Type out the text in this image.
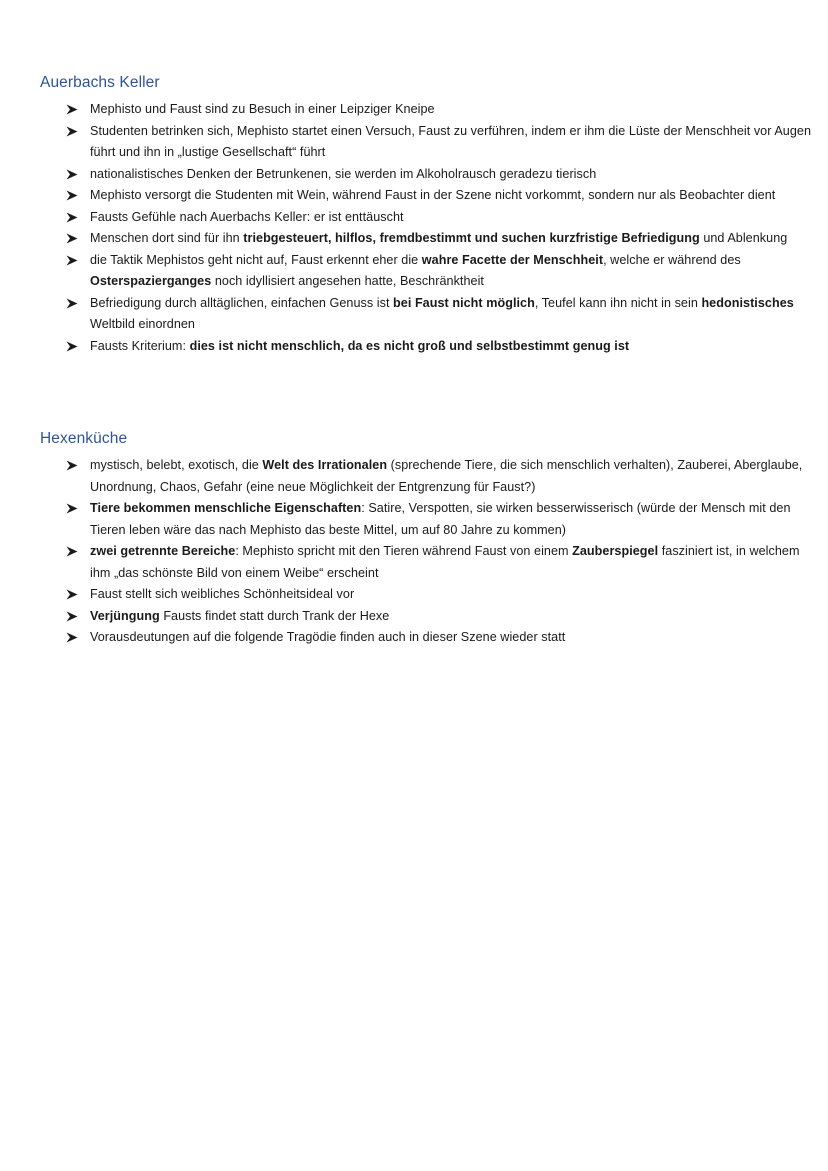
Auerbachs Keller
Mephisto und Faust sind zu Besuch in einer Leipziger Kneipe
Studenten betrinken sich, Mephisto startet einen Versuch, Faust zu verführen, indem er ihm die Lüste der Menschheit vor Augen führt und ihn in „lustige Gesellschaft“ führt
nationalistisches Denken der Betrunkenen, sie werden im Alkoholrausch geradezu tierisch
Mephisto versorgt die Studenten mit Wein, während Faust in der Szene nicht vorkommt, sondern nur als Beobachter dient
Fausts Gefühle nach Auerbachs Keller: er ist enttäuscht
Menschen dort sind für ihn triebgesteuert, hilflos, fremdbestimmt und suchen kurzfristige Befriedigung und Ablenkung
die Taktik Mephistos geht nicht auf, Faust erkennt eher die wahre Facette der Menschheit, welche er während des Osterspazierganges noch idyllisiert angesehen hatte, Beschränktheit
Befriedigung durch alltäglichen, einfachen Genuss ist bei Faust nicht möglich, Teufel kann ihn nicht in sein hedonistisches Weltbild einordnen
Fausts Kriterium: dies ist nicht menschlich, da es nicht groß und selbstbestimmt genug ist
Hexenküche
mystisch, belebt, exotisch, die Welt des Irrationalen (sprechende Tiere, die sich menschlich verhalten), Zauberei, Aberglaube, Unordnung, Chaos, Gefahr (eine neue Möglichkeit der Entgrenzung für Faust?)
Tiere bekommen menschliche Eigenschaften: Satire, Verspotten, sie wirken besserwisserisch (würde der Mensch mit den Tieren leben wäre das nach Mephisto das beste Mittel, um auf 80 Jahre zu kommen)
zwei getrennte Bereiche: Mephisto spricht mit den Tieren während Faust von einem Zauberspiegel fasziniert ist, in welchem ihm „das schönste Bild von einem Weibe“ erscheint
Faust stellt sich weibliches Schönheitsideal vor
Verjüngung Fausts findet statt durch Trank der Hexe
Vorausdeutungen auf die folgende Tragödie finden auch in dieser Szene wieder statt
